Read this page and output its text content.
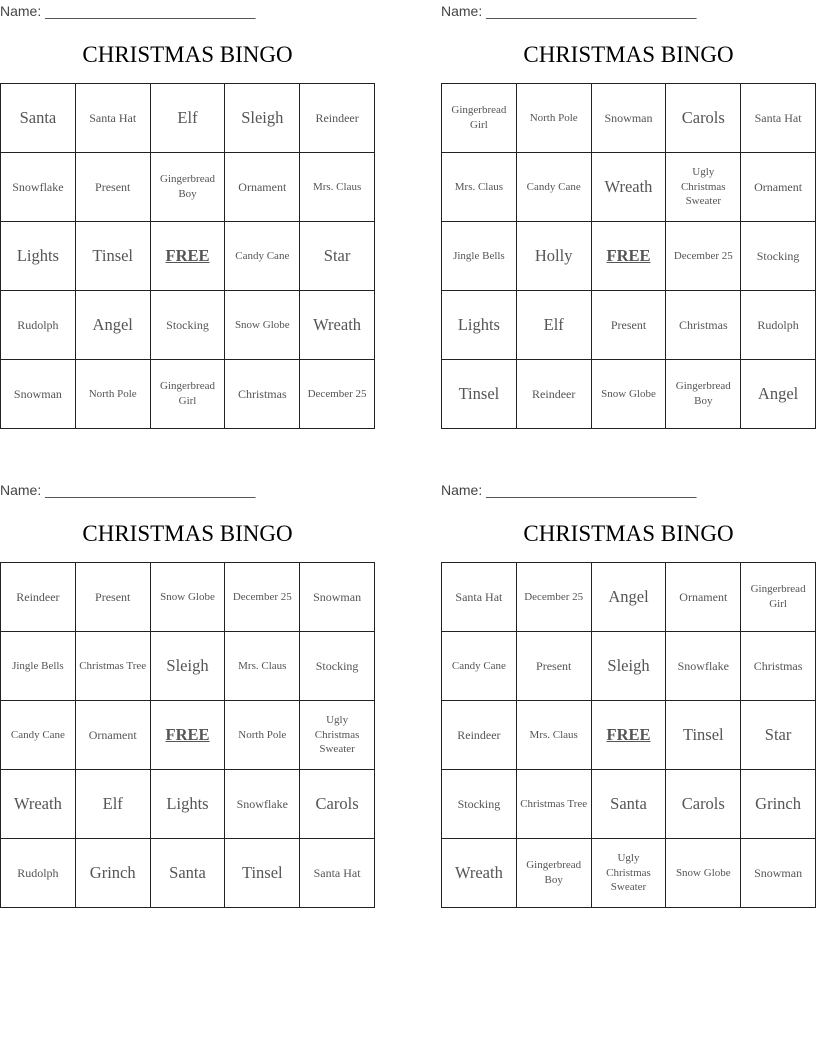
Name: ___________________________
CHRISTMAS BINGO
Santa	Santa Hat	Elf	Sleigh	Reindeer
Snowflake	Present	Gingerbread Boy	Ornament	Mrs. Claus
Lights	Tinsel	FREE	Candy Cane	Star
Rudolph	Angel	Stocking	Snow Globe	Wreath
Snowman	North Pole	Gingerbread Girl	Christmas	December 25
Name: ___________________________
CHRISTMAS BINGO
Gingerbread Girl	North Pole	Snowman	Carols	Santa Hat
Mrs. Claus	Candy Cane	Wreath	Ugly Christmas Sweater	Ornament
Jingle Bells	Holly	FREE	December 25	Stocking
Lights	Elf	Present	Christmas	Rudolph
Tinsel	Reindeer	Snow Globe	Gingerbread Boy	Angel
Name: ___________________________
CHRISTMAS BINGO
Reindeer	Present	Snow Globe	December 25	Snowman
Jingle Bells	Christmas Tree	Sleigh	Mrs. Claus	Stocking
Candy Cane	Ornament	FREE	North Pole	Ugly Christmas Sweater
Wreath	Elf	Lights	Snowflake	Carols
Rudolph	Grinch	Santa	Tinsel	Santa Hat
Name: ___________________________
CHRISTMAS BINGO
Santa Hat	December 25	Angel	Ornament	Gingerbread Girl
Candy Cane	Present	Sleigh	Snowflake	Christmas
Reindeer	Mrs. Claus	FREE	Tinsel	Star
Stocking	Christmas Tree	Santa	Carols	Grinch
Wreath	Gingerbread Boy	Ugly Christmas Sweater	Snow Globe	Snowman
